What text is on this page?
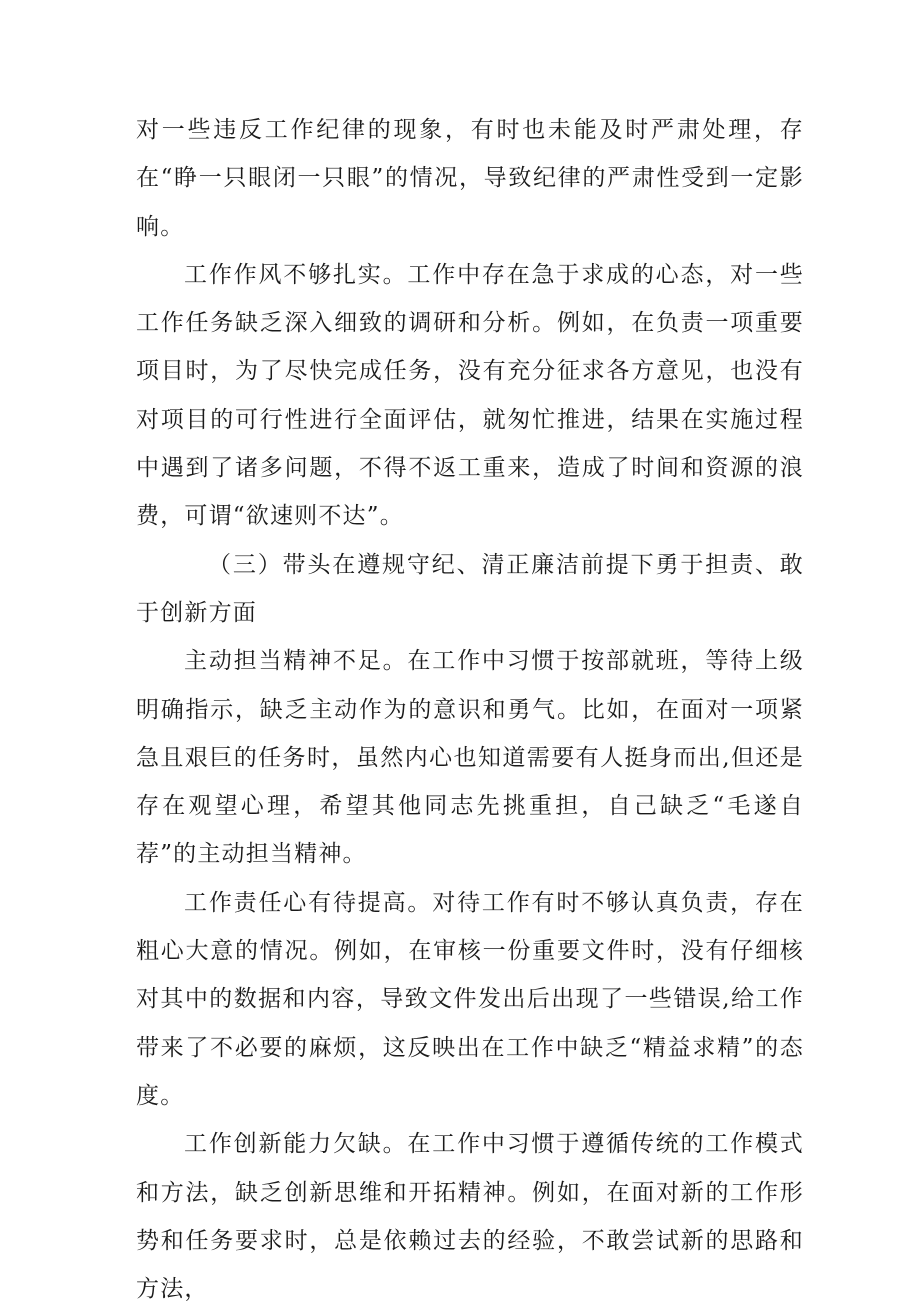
对一些违反工作纪律的现象，有时也未能及时严肃处理，存在“睁一只眼闭一只眼”的情况，导致纪律的严肃性受到一定影响。

工作作风不够扎实。工作中存在急于求成的心态，对一些工作任务缺乏深入细致的调研和分析。例如，在负责一项重要项目时，为了尽快完成任务，没有充分征求各方意见，也没有对项目的可行性进行全面评估，就匆忙推进，结果在实施过程中遇到了诸多问题，不得不返工重来，造成了时间和资源的浪费，可谓“欲速则不达”。

（三）带头在遵规守纪、清正廉洁前提下勇于担责、敢于创新方面

主动担当精神不足。在工作中习惯于按部就班，等待上级明确指示，缺乏主动作为的意识和勇气。比如，在面对一项紧急且艰巨的任务时，虽然内心也知道需要有人挺身而出,但还是存在观望心理，希望其他同志先挑重担，自己缺乏“毛遂自荐”的主动担当精神。

工作责任心有待提高。对待工作有时不够认真负责，存在粗心大意的情况。例如，在审核一份重要文件时，没有仔细核对其中的数据和内容，导致文件发出后出现了一些错误,给工作带来了不必要的麻烦，这反映出在工作中缺乏“精益求精”的态度。

工作创新能力欠缺。在工作中习惯于遵循传统的工作模式和方法，缺乏创新思维和开拓精神。例如，在面对新的工作形势和任务要求时，总是依赖过去的经验，不敢尝试新的思路和方法，
